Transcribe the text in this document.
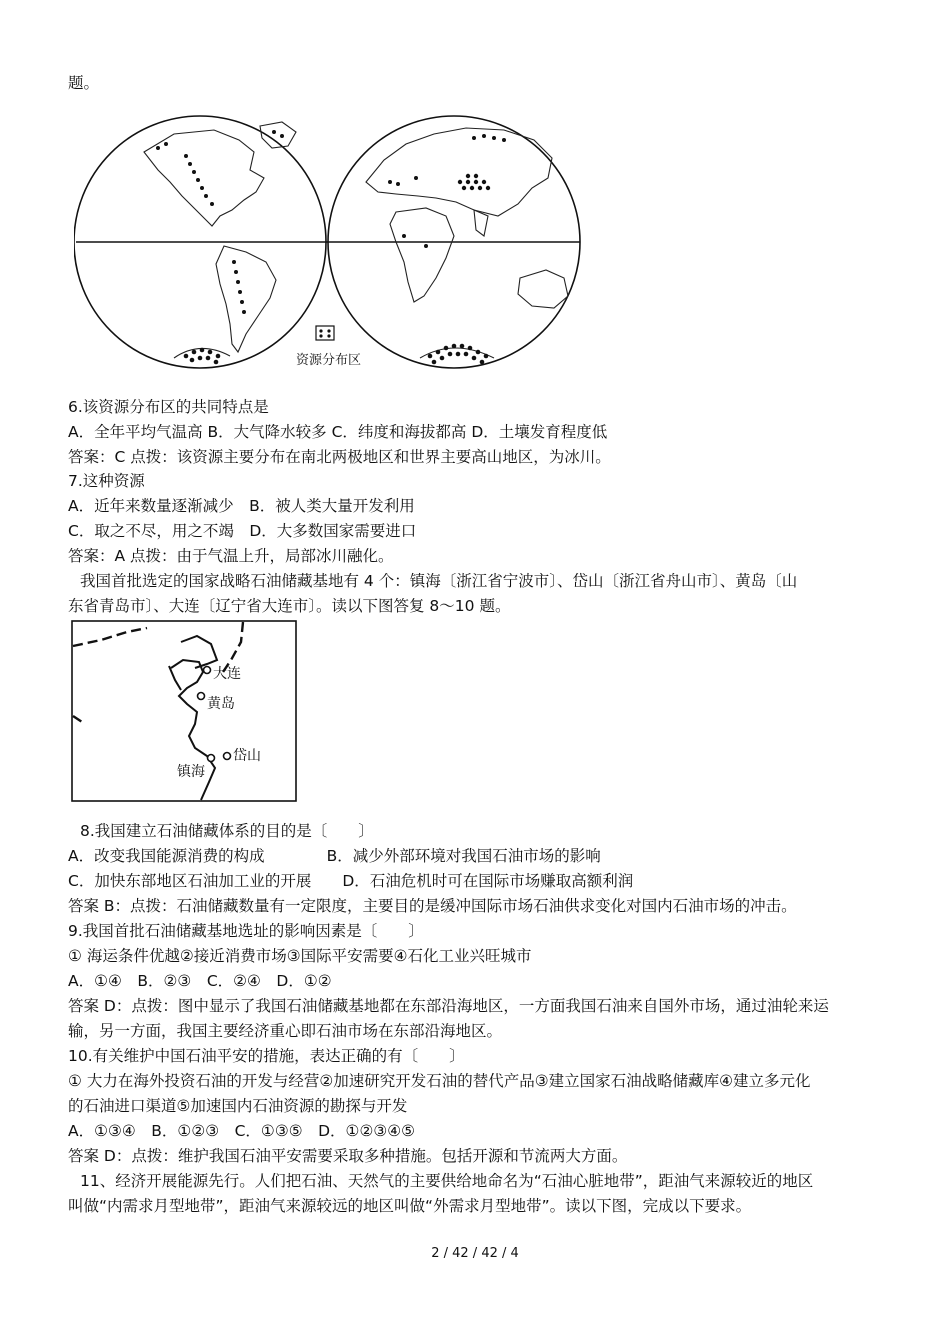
题。
资源分布区
6.该资源分布区的共同特点是
A．全年平均气温高 B．大气降水较多 C．纬度和海拔都高 D．土壤发育程度低
答案：C 点拨：该资源主要分布在南北两极地区和世界主要高山地区，为冰川。
7.这种资源
A．近年来数量逐渐减少　B．被人类大量开发利用
C．取之不尽，用之不竭　D．大多数国家需要进口
答案：A 点拨：由于气温上升，局部冰川融化。
我国首批选定的国家战略石油储藏基地有 4 个：镇海〔浙江省宁波市〕、岱山〔浙江省舟山市〕、黄岛〔山
东省青岛市〕、大连〔辽宁省大连市〕。读以下图答复 8～10 题。
大连
黄岛
岱山
镇海
8.我国建立石油储藏体系的目的是〔　　〕
A．改变我国能源消费的构成　　　　B．减少外部环境对我国石油市场的影响
C．加快东部地区石油加工业的开展　　D．石油危机时可在国际市场赚取高额利润
答案 B：点拨：石油储藏数量有一定限度，主要目的是缓冲国际市场石油供求变化对国内石油市场的冲击。
9.我国首批石油储藏基地选址的影响因素是〔　　〕
① 海运条件优越②接近消费市场③国际平安需要④石化工业兴旺城市
A．①④　B．②③　C．②④　D．①②
答案 D：点拨：图中显示了我国石油储藏基地都在东部沿海地区，一方面我国石油来自国外市场，通过油轮来运
输，另一方面，我国主要经济重心即石油市场在东部沿海地区。
10.有关维护中国石油平安的措施，表达正确的有〔　　〕
① 大力在海外投资石油的开发与经营②加速研究开发石油的替代产品③建立国家石油战略储藏库④建立多元化
的石油进口渠道⑤加速国内石油资源的勘探与开发
A．①③④　B．①②③　C．①③⑤　D．①②③④⑤
答案 D：点拨：维护我国石油平安需要采取多种措施。包括开源和节流两大方面。
11、经济开展能源先行。人们把石油、天然气的主要供给地命名为“石油心脏地带”，距油气来源较近的地区
叫做“内需求月型地带”，距油气来源较远的地区叫做“外需求月型地带”。读以下图，完成以下要求。
2 / 42 / 42 / 4
